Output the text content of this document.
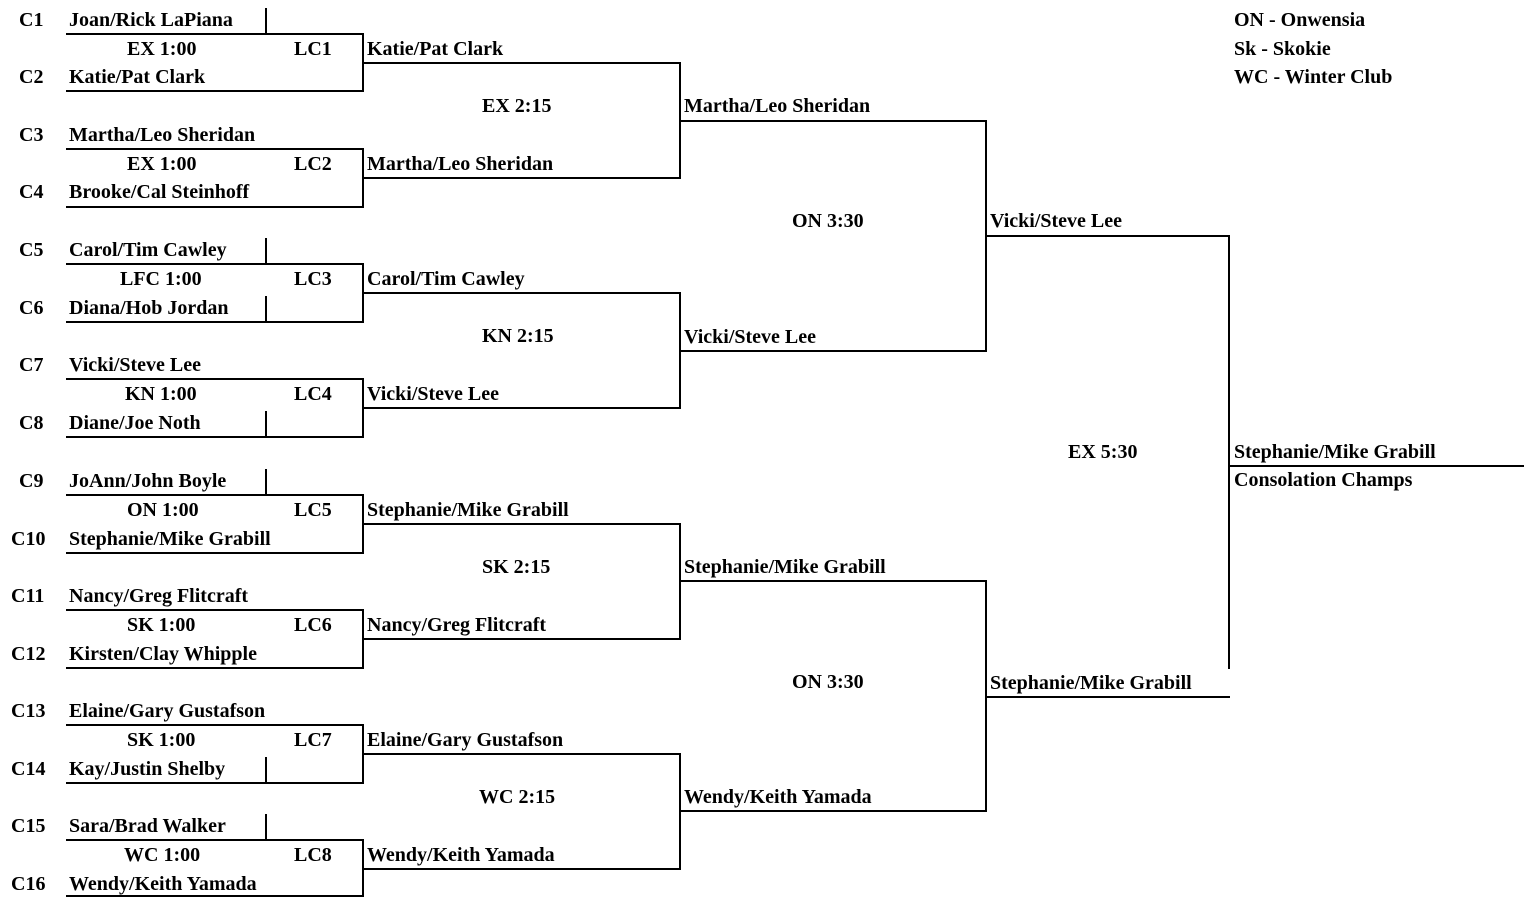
ON - Onwensia
Sk - Skokie
WC - Winter Club
C1 Joan/Rick LaPiana
EX 1:00	LC1
C2 Katie/Pat Clark
Katie/Pat Clark
C3 Martha/Leo Sheridan
EX 1:00	LC2
C4 Brooke/Cal Steinhoff
Martha/Leo Sheridan
EX 2:15	Martha/Leo Sheridan
C5 Carol/Tim Cawley
LFC 1:00	LC3
C6 Diana/Hob Jordan
Carol/Tim Cawley
C7 Vicki/Steve Lee
KN 1:00	LC4
C8 Diane/Joe Noth
Vicki/Steve Lee
KN 2:15	Vicki/Steve Lee
ON 3:30	Vicki/Steve Lee
C9 JoAnn/John Boyle
ON 1:00	LC5
C10 Stephanie/Mike Grabill
Stephanie/Mike Grabill
C11 Nancy/Greg Flitcraft
SK 1:00	LC6
C12 Kirsten/Clay Whipple
Nancy/Greg Flitcraft
SK 2:15	Stephanie/Mike Grabill
C13 Elaine/Gary Gustafson
SK 1:00	LC7
C14 Kay/Justin Shelby
Elaine/Gary Gustafson
C15 Sara/Brad Walker
WC 1:00	LC8
C16 Wendy/Keith Yamada
Wendy/Keith Yamada
WC 2:15	Wendy/Keith Yamada
ON 3:30	Stephanie/Mike Grabill
EX 5:30	Stephanie/Mike Grabill
Consolation Champs
